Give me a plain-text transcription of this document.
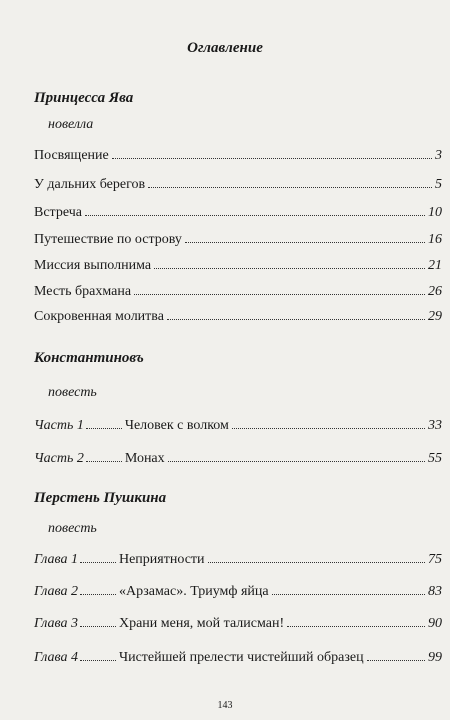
Оглавление
Принцесса Ява
новелла
Посвящение	3
У дальних берегов	5
Встреча	10
Путешествие по острову	16
Миссия выполнима	21
Месть брахмана	26
Сокровенная молитва	29
Константиновъ
повесть
Часть 1	Человек с волком	33
Часть 2	Монах	55
Перстень Пушкина
повесть
Глава 1	Неприятности	75
Глава 2	«Арзамас». Триумф яйца	83
Глава 3	Храни меня, мой талисман!	90
Глава 4	Чистейшей прелести чистейший образец	99
143
